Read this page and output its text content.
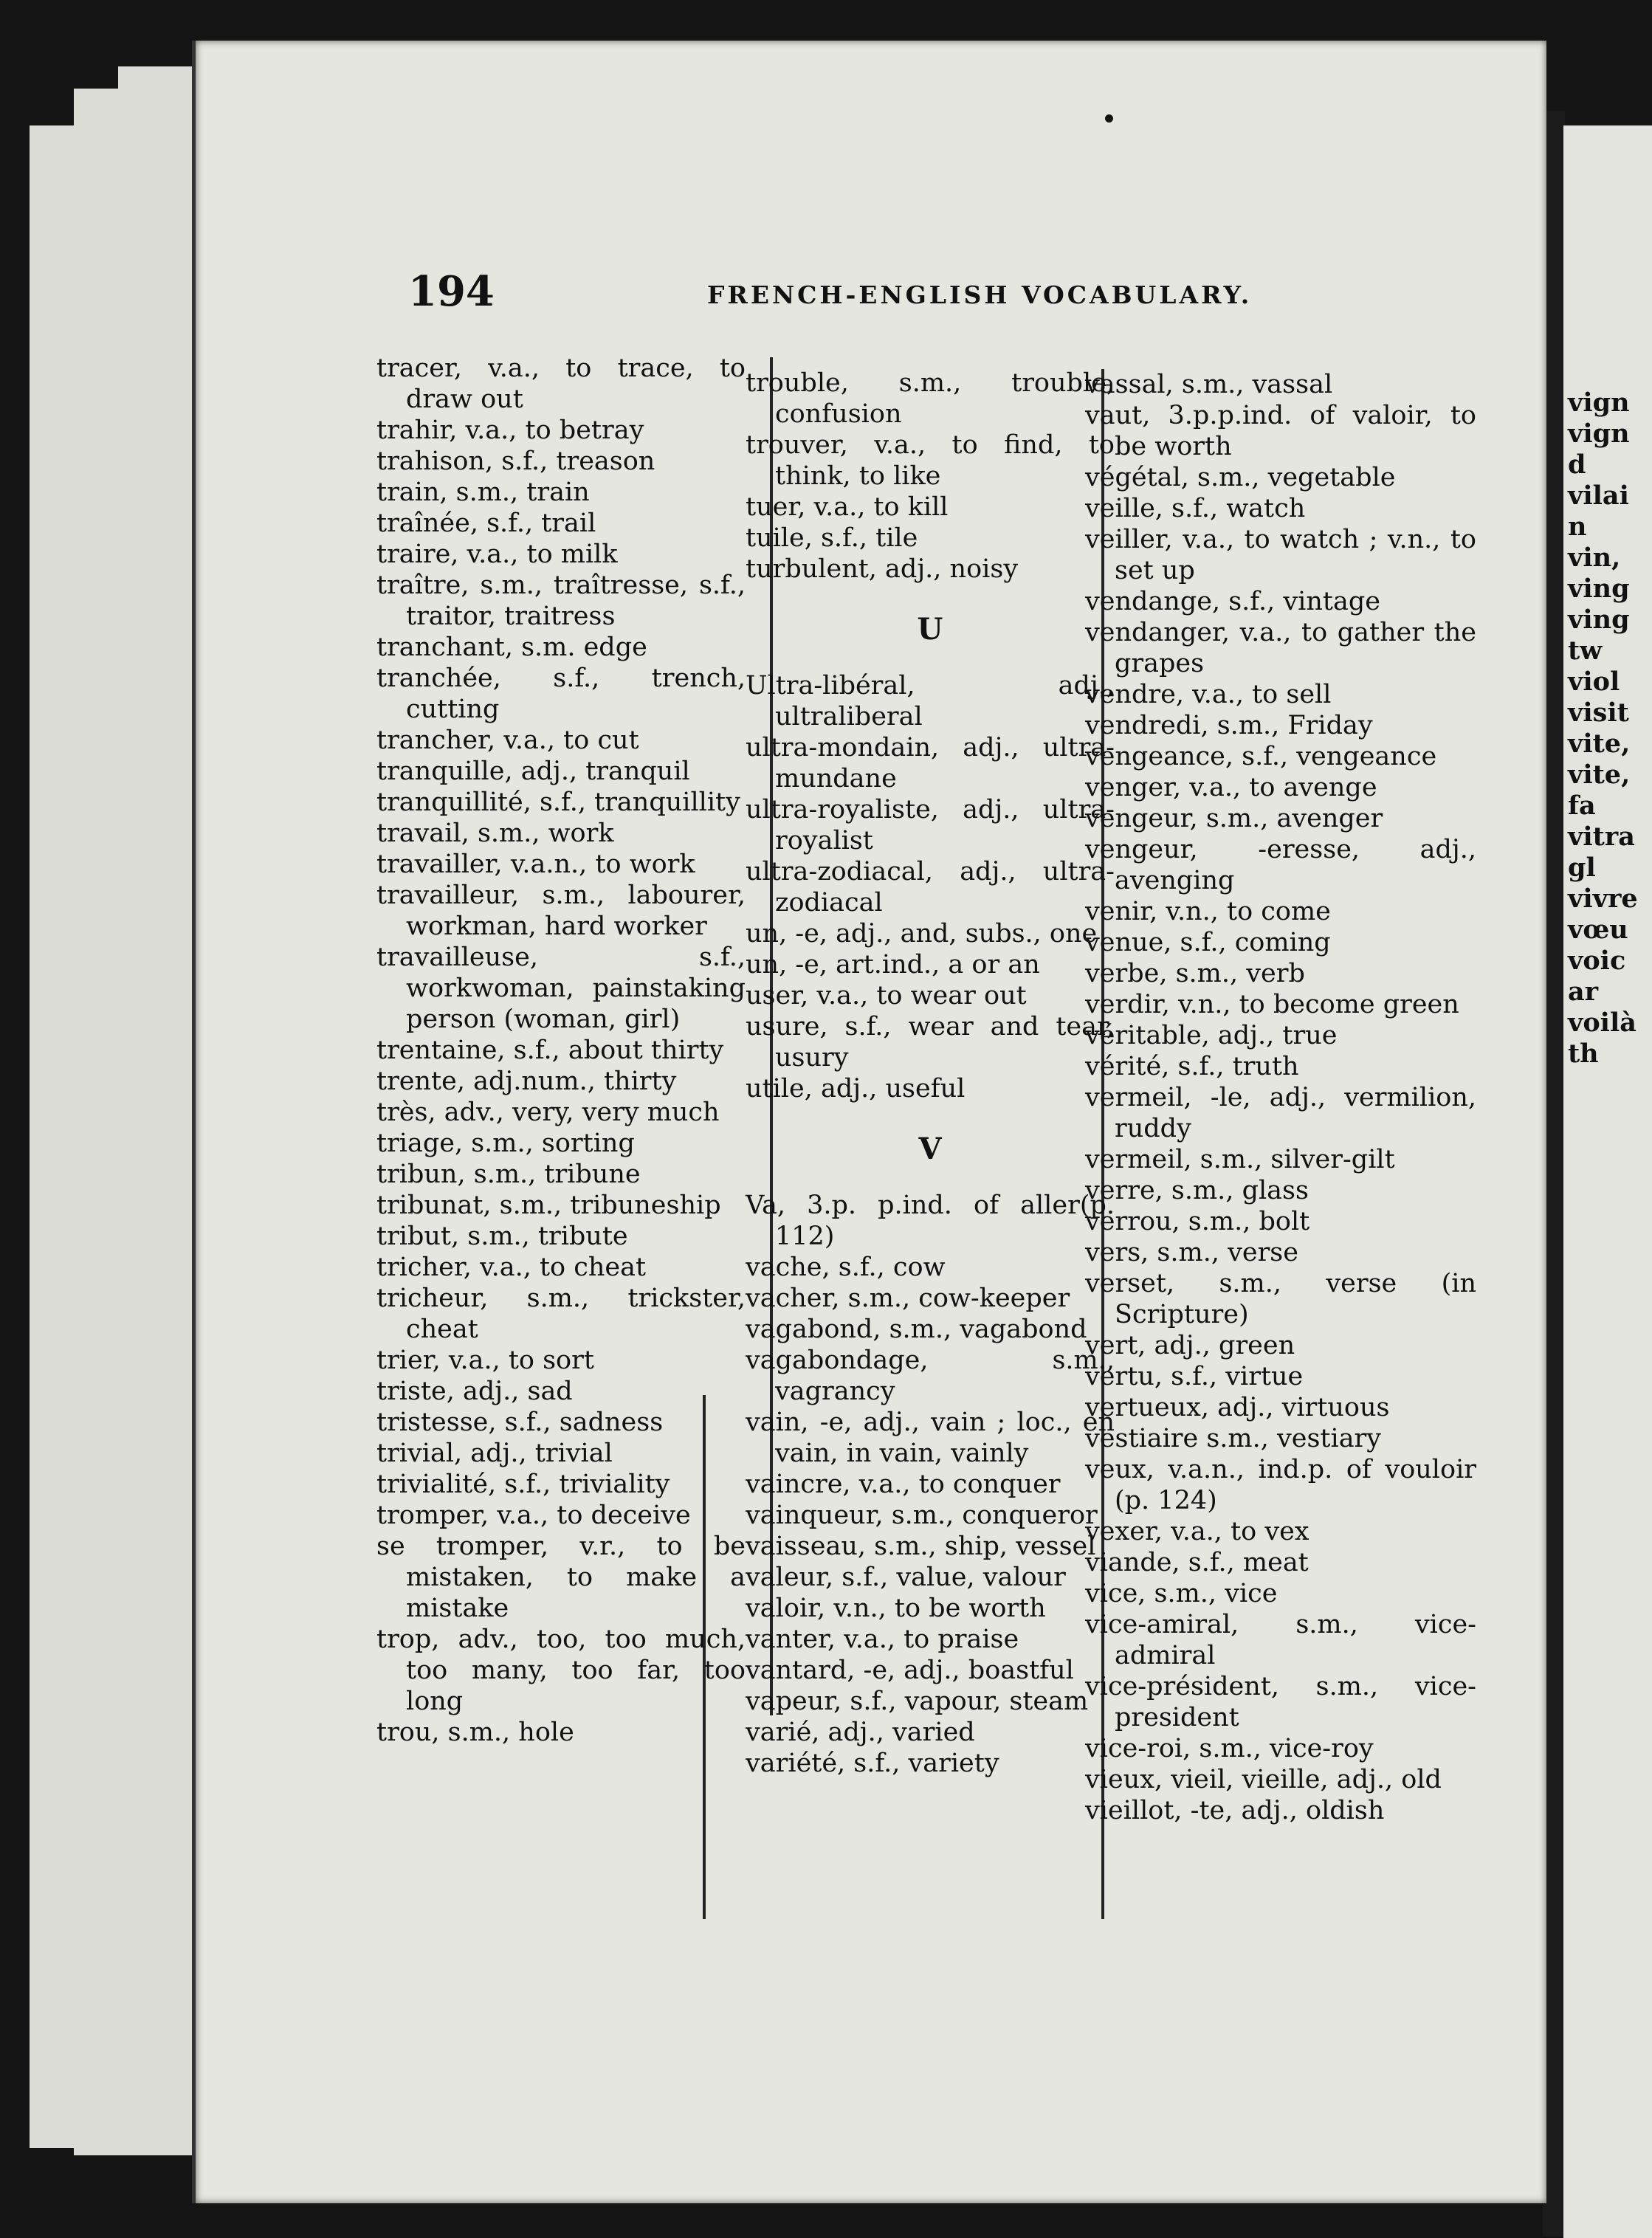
vign
vign
d
vilai
n
vin,
ving
ving
tw
viol
visit
vite,
vite,
fa
vitra
gl
vivre
vœu
voic
ar
voilà
th
194	FRENCH-ENGLISH VOCABULARY.

tracer, v.a., to trace, to draw out

trahir, v.a., to betray

trahison, s.f., treason

train, s.m., train

traînée, s.f., trail

traire, v.a., to milk

traître, s.m., traîtresse, s.f., traitor, traitress

tranchant, s.m. edge

tranchée, s.f., trench, cutting

trancher, v.a., to cut

tranquille, adj., tranquil

tranquillité, s.f., tranquillity

travail, s.m., work

travailler, v.a.n., to work

travailleur, s.m., labourer, workman, hard worker

travailleuse, s.f., workwoman, painstaking person (woman, girl)

trentaine, s.f., about thirty

trente, adj.num., thirty

très, adv., very, very much

triage, s.m., sorting

tribun, s.m., tribune

tribunat, s.m., tribuneship

tribut, s.m., tribute

tricher, v.a., to cheat

tricheur, s.m., trickster, cheat

trier, v.a., to sort

triste, adj., sad

tristesse, s.f., sadness

trivial, adj., trivial

trivialité, s.f., triviality

tromper, v.a., to deceive

se tromper, v.r., to be mistaken, to make a mistake

trop, adv., too, too much, too many, too far, too long

trou, s.m., hole

trouble, s.m., trouble, confusion

trouver, v.a., to find, to think, to like

tuer, v.a., to kill

tuile, s.f., tile

turbulent, adj., noisy

U

Ultra-libéral, adj., ultraliberal

ultra-mondain, adj., ultra-mundane

ultra-royaliste, adj., ultra-royalist

ultra-zodiacal, adj., ultra-zodiacal

un, -e, adj., and, subs., one

un, -e, art.ind., a or an

user, v.a., to wear out

usure, s.f., wear and tear, usury

utile, adj., useful

V

Va, 3.p. p.ind. of aller(p. 112)

vache, s.f., cow

vacher, s.m., cow-keeper

vagabond, s.m., vagabond

vagabondage, s.m., vagrancy

vain, -e, adj., vain ; loc., en vain, in vain, vainly

vaincre, v.a., to conquer

vainqueur, s.m., conqueror

vaisseau, s.m., ship, vessel

valeur, s.f., value, valour

valoir, v.n., to be worth

vanter, v.a., to praise

vantard, -e, adj., boastful

vapeur, s.f., vapour, steam

varié, adj., varied

variété, s.f., variety

vassal, s.m., vassal

vaut, 3.p.p.ind. of valoir, to be worth

végétal, s.m., vegetable

veille, s.f., watch

veiller, v.a., to watch ; v.n., to set up

vendange, s.f., vintage

vendanger, v.a., to gather the grapes

vendre, v.a., to sell

vendredi, s.m., Friday

vengeance, s.f., vengeance

venger, v.a., to avenge

vengeur, s.m., avenger

vengeur, -eresse, adj., avenging

venir, v.n., to come

venue, s.f., coming

verbe, s.m., verb

verdir, v.n., to become green

véritable, adj., true

vérité, s.f., truth

vermeil, -le, adj., vermilion, ruddy

vermeil, s.m., silver-gilt

verre, s.m., glass

verrou, s.m., bolt

vers, s.m., verse

verset, s.m., verse (in Scripture)

vert, adj., green

vertu, s.f., virtue

vertueux, adj., virtuous

vestiaire s.m., vestiary

veux, v.a.n., ind.p. of vouloir (p. 124)

vexer, v.a., to vex

viande, s.f., meat

vice, s.m., vice

vice-amiral, s.m., vice-admiral

vice-président, s.m., vice-president

vice-roi, s.m., vice-roy

vieux, vieil, vieille, adj., old

vieillot, -te, adj., oldish
